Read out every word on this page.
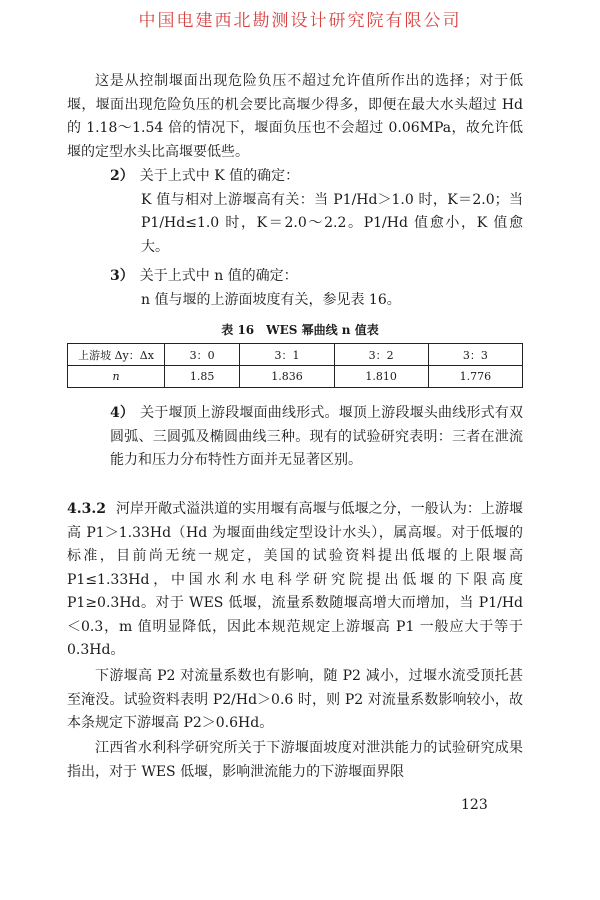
中国电建西北勘测设计研究院有限公司

这是从控制堰面出现危险负压不超过允许值所作出的选择；对于低堰，堰面出现危险负压的机会要比高堰少得多，即便在最大水头超过 Hd 的 1.18～1.54 倍的情况下，堰面负压也不会超过 0.06MPa，故允许低堰的定型水头比高堰要低些。

2） 关于上式中 K 值的确定：
K 值与相对上游堰高有关：当 P1/Hd＞1.0 时，K＝2.0；当 P1/Hd≤1.0 时，K＝2.0～2.2。P1/Hd 值愈小，K 值愈大。
3） 关于上式中 n 值的确定：
n 值与堰的上游面坡度有关，参见表 16。
表 16　WES 幂曲线 n 值表
上游坡 Δy：Δx	3：0	3：1	3：2	3：3
n	1.85	1.836	1.810	1.776
4） 关于堰顶上游段堰面曲线形式。堰顶上游段堰头曲线形式有双圆弧、三圆弧及椭圆曲线三种。现有的试验研究表明：三者在泄流能力和压力分布特性方面并无显著区别。

4.3.2 河岸开敞式溢洪道的实用堰有高堰与低堰之分，一般认为：上游堰高 P1＞1.33Hd（Hd 为堰面曲线定型设计水头），属高堰。对于低堰的标准，目前尚无统一规定，美国的试验资料提出低堰的上限堰高 P1≤1.33Hd，中国水利水电科学研究院提出低堰的下限高度 P1≥0.3Hd。对于 WES 低堰，流量系数随堰高增大而增加，当 P1/Hd＜0.3，m 值明显降低，因此本规范规定上游堰高 P1 一般应大于等于 0.3Hd。

下游堰高 P2 对流量系数也有影响，随 P2 减小，过堰水流受顶托甚至淹没。试验资料表明 P2/Hd＞0.6 时，则 P2 对流量系数影响较小，故本条规定下游堰高 P2＞0.6Hd。

江西省水利科学研究所关于下游堰面坡度对泄洪能力的试验研究成果指出，对于 WES 低堰，影响泄流能力的下游堰面界限

123
